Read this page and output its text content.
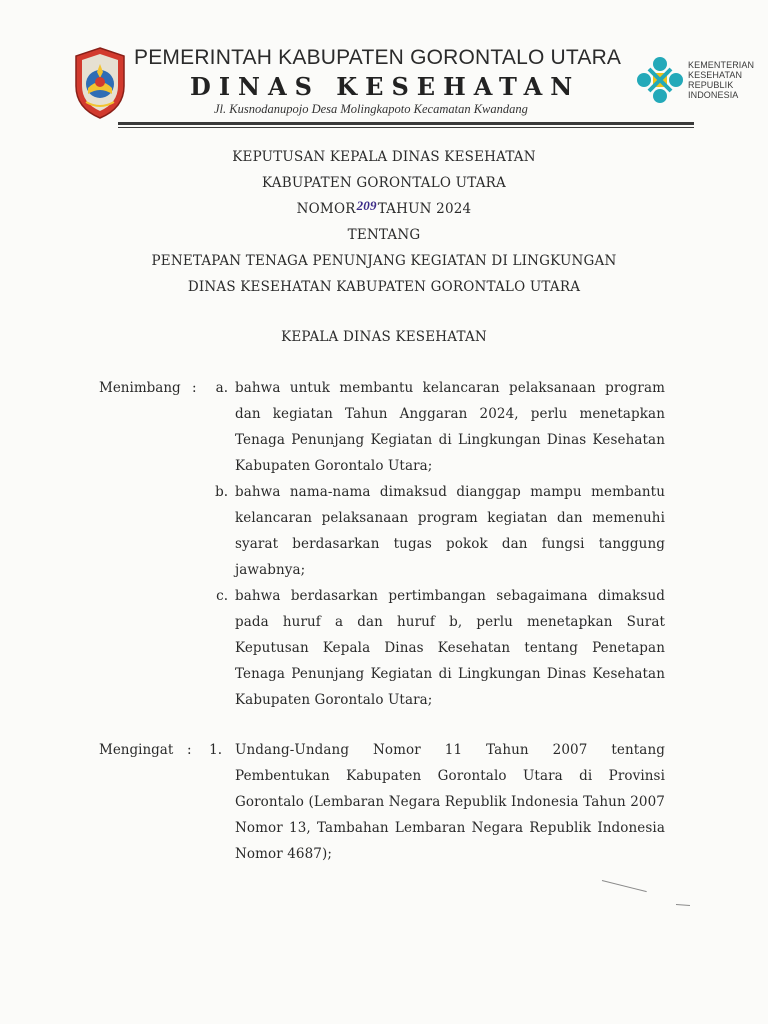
PEMERINTAH KABUPATEN GORONTALO UTARA
DINAS KESEHATAN
Jl. Kusnodanupojo Desa Molingkapoto Kecamatan Kwandang
KEMENTERIAN
KESEHATAN
REPUBLIK
INDONESIA
KEPUTUSAN KEPALA DINAS KESEHATAN
KABUPATEN GORONTALO UTARA
NOMOR209TAHUN 2024
TENTANG
PENETAPAN TENAGA PENUNJANG KEGIATAN DI LINGKUNGAN
DINAS KESEHATAN KABUPATEN GORONTALO UTARA
KEPALA DINAS KESEHATAN
Menimbang :	a. bahwa untuk membantu kelancaran pelaksanaan program dan kegiatan Tahun Anggaran 2024, perlu menetapkan Tenaga Penunjang Kegiatan di Lingkungan Dinas Kesehatan Kabupaten Gorontalo Utara;
b. bahwa nama-nama dimaksud dianggap mampu membantu kelancaran pelaksanaan program kegiatan dan memenuhi syarat berdasarkan tugas pokok dan fungsi tanggung jawabnya;
c. bahwa berdasarkan pertimbangan sebagaimana dimaksud pada huruf a dan huruf b, perlu menetapkan Surat Keputusan Kepala Dinas Kesehatan tentang Penetapan Tenaga Penunjang Kegiatan di Lingkungan Dinas Kesehatan Kabupaten Gorontalo Utara;
Mengingat :	1. Undang-Undang Nomor 11 Tahun 2007 tentang Pembentukan Kabupaten Gorontalo Utara di Provinsi Gorontalo (Lembaran Negara Republik Indonesia Tahun 2007 Nomor 13, Tambahan Lembaran Negara Republik Indonesia Nomor 4687);
